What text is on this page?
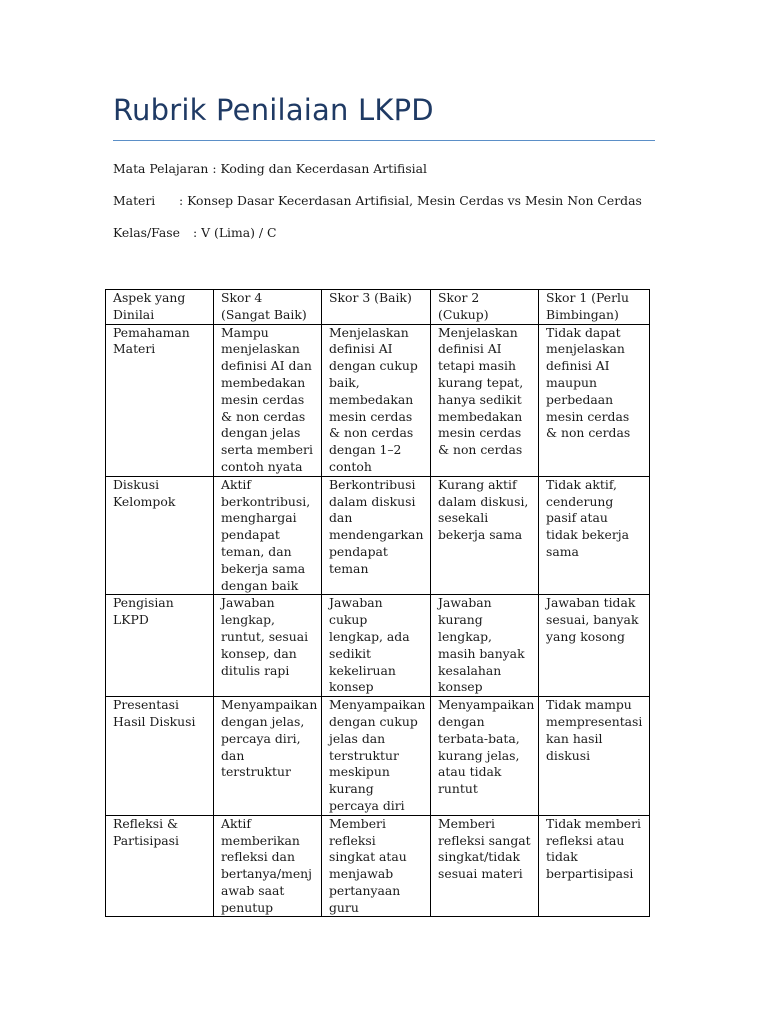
Rubrik Penilaian LKPD
Mata Pelajaran : Koding dan Kecerdasan Artifisial
Materi : Konsep Dasar Kecerdasan Artifisial, Mesin Cerdas vs Mesin Non Cerdas
Kelas/Fase : V (Lima) / C
Aspek yang Dinilai	Skor 4 (Sangat Baik)	Skor 3 (Baik)	Skor 2 (Cukup)	Skor 1 (Perlu Bimbingan)
Pemahaman Materi	Mampu menjelaskan definisi AI dan membedakan mesin cerdas & non cerdas dengan jelas serta memberi contoh nyata	Menjelaskan definisi AI dengan cukup baik, membedakan mesin cerdas & non cerdas dengan 1–2 contoh	Menjelaskan definisi AI tetapi masih kurang tepat, hanya sedikit membedakan mesin cerdas & non cerdas	Tidak dapat menjelaskan definisi AI maupun perbedaan mesin cerdas & non cerdas
Diskusi Kelompok	Aktif berkontribusi, menghargai pendapat teman, dan bekerja sama dengan baik	Berkontribusi dalam diskusi dan mendengarkan pendapat teman	Kurang aktif dalam diskusi, sesekali bekerja sama	Tidak aktif, cenderung pasif atau tidak bekerja sama
Pengisian LKPD	Jawaban lengkap, runtut, sesuai konsep, dan ditulis rapi	Jawaban cukup lengkap, ada sedikit kekeliruan konsep	Jawaban kurang lengkap, masih banyak kesalahan konsep	Jawaban tidak sesuai, banyak yang kosong
Presentasi Hasil Diskusi	Menyampaikan dengan jelas, percaya diri, dan terstruktur	Menyampaikan dengan cukup jelas dan terstruktur meskipun kurang percaya diri	Menyampaikan dengan terbata-bata, kurang jelas, atau tidak runtut	Tidak mampu mempresentasi kan hasil diskusi
Refleksi & Partisipasi	Aktif memberikan refleksi dan bertanya/menj awab saat penutup	Memberi refleksi singkat atau menjawab pertanyaan guru	Memberi refleksi sangat singkat/tidak sesuai materi	Tidak memberi refleksi atau tidak berpartisipasi
